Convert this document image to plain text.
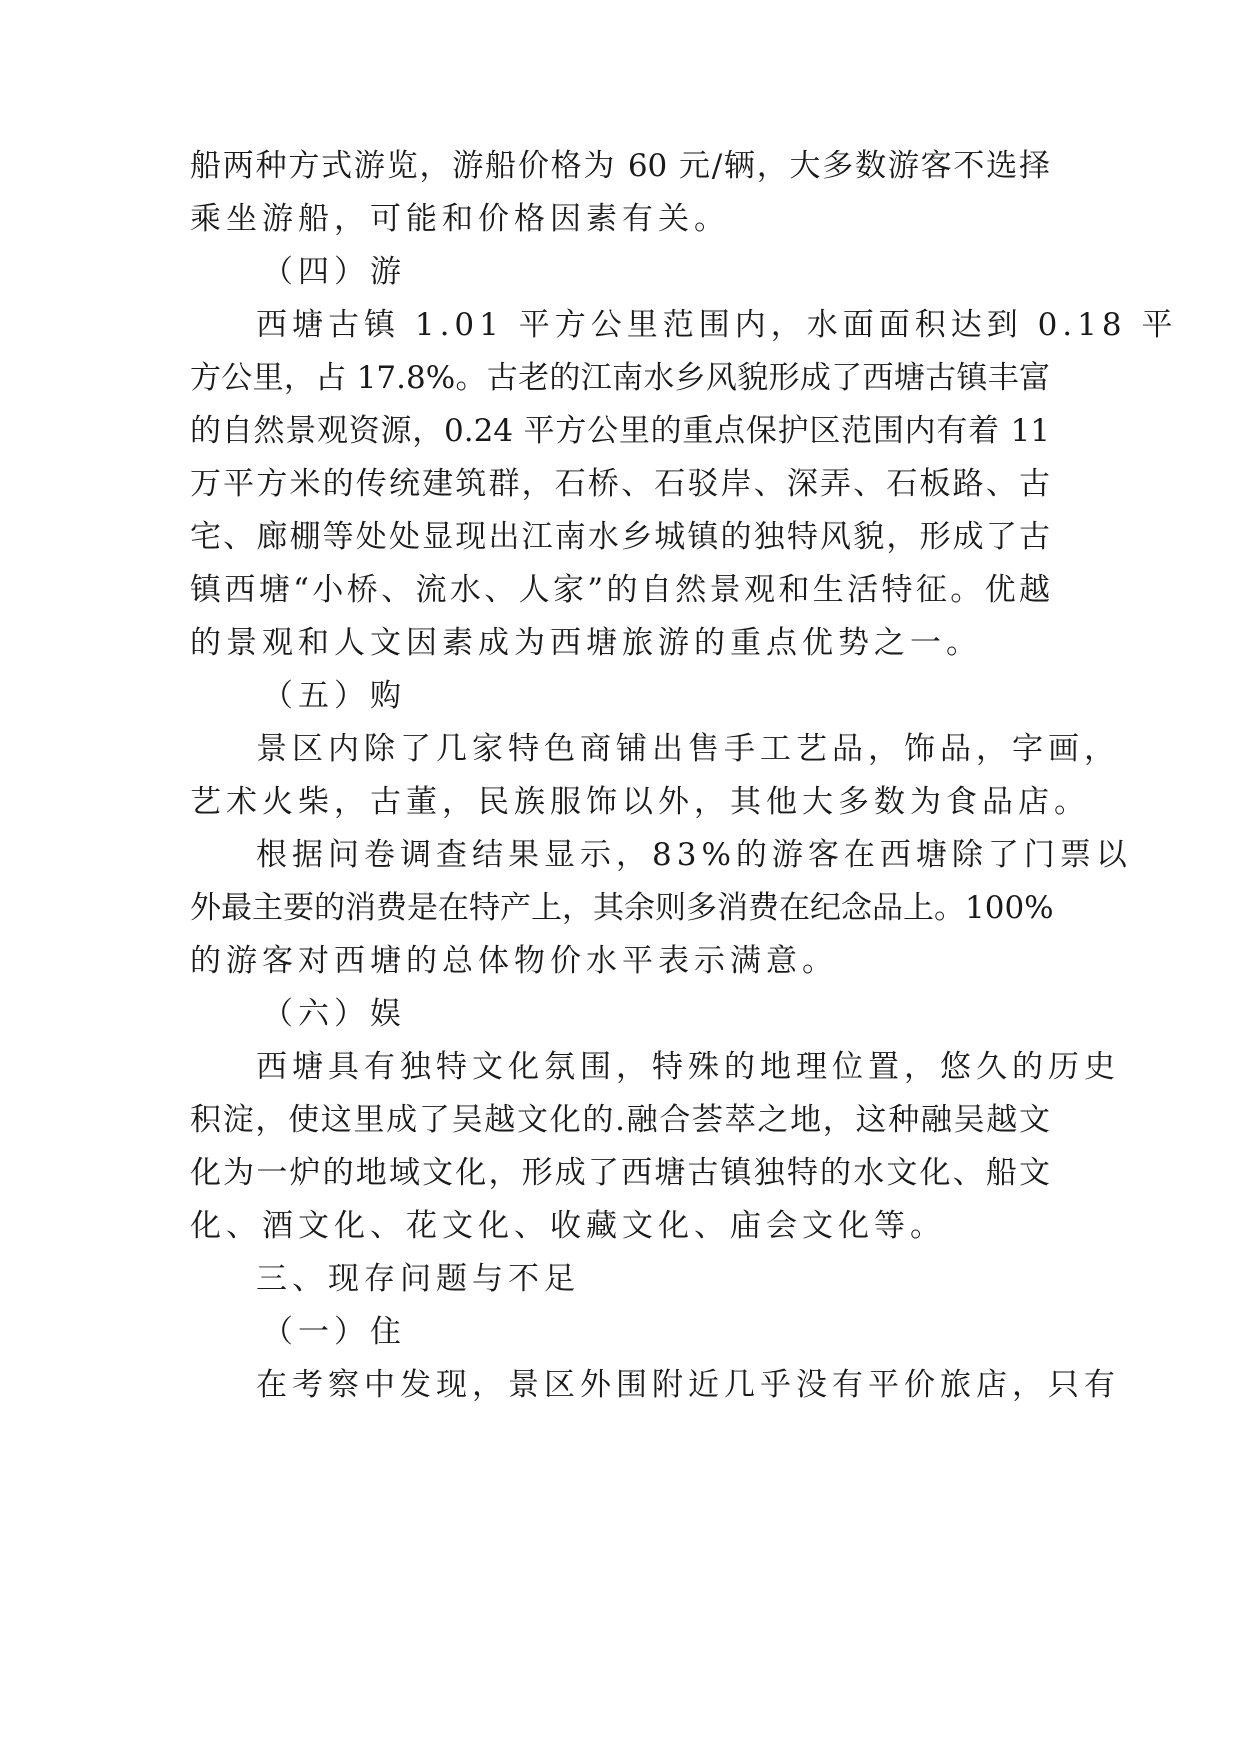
船两种方式游览，游船价格为 60 元/辆，大多数游客不选择
乘坐游船，可能和价格因素有关。
（四）游
西塘古镇 1.01 平方公里范围内，水面面积达到 0.18 平
方公里，占 17.8%。古老的江南水乡风貌形成了西塘古镇丰富
的自然景观资源，0.24 平方公里的重点保护区范围内有着 11
万平方米的传统建筑群，石桥、石驳岸、深弄、石板路、古
宅、廊棚等处处显现出江南水乡城镇的独特风貌，形成了古
镇西塘“小桥、流水、人家”的自然景观和生活特征。优越
的景观和人文因素成为西塘旅游的重点优势之一。
（五）购
景区内除了几家特色商铺出售手工艺品，饰品，字画，
艺术火柴，古董，民族服饰以外，其他大多数为食品店。
根据问卷调查结果显示，83%的游客在西塘除了门票以
外最主要的消费是在特产上，其余则多消费在纪念品上。100%
的游客对西塘的总体物价水平表示满意。
（六）娱
西塘具有独特文化氛围，特殊的地理位置，悠久的历史
积淀，使这里成了吴越文化的.融合荟萃之地，这种融吴越文
化为一炉的地域文化，形成了西塘古镇独特的水文化、船文
化、酒文化、花文化、收藏文化、庙会文化等。
三、现存问题与不足
（一）住
在考察中发现，景区外围附近几乎没有平价旅店，只有
